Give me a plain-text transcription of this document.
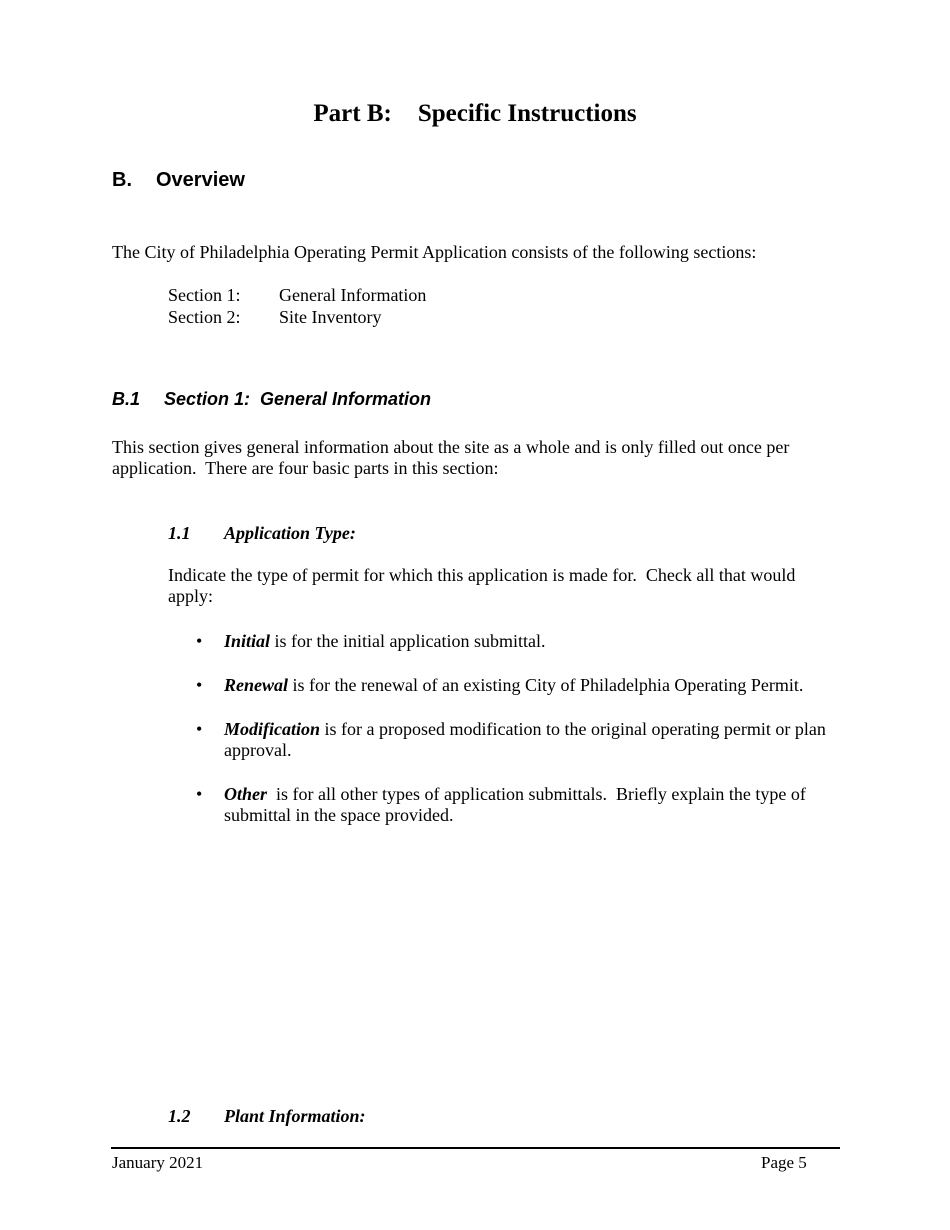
Part B: Specific Instructions
B. Overview
The City of Philadelphia Operating Permit Application consists of the following sections:
Section 1: General Information
Section 2: Site Inventory
B.1 Section 1:  General Information
This section gives general information about the site as a whole and is only filled out once per application.  There are four basic parts in this section:
1.1 Application Type:
Indicate the type of permit for which this application is made for.  Check all that would apply:
• Initial is for the initial application submittal.
• Renewal is for the renewal of an existing City of Philadelphia Operating Permit.
• Modification is for a proposed modification to the original operating permit or plan approval.
• Other  is for all other types of application submittals.  Briefly explain the type of submittal in the space provided.
1.2 Plant Information:
January 2021	Page 5
